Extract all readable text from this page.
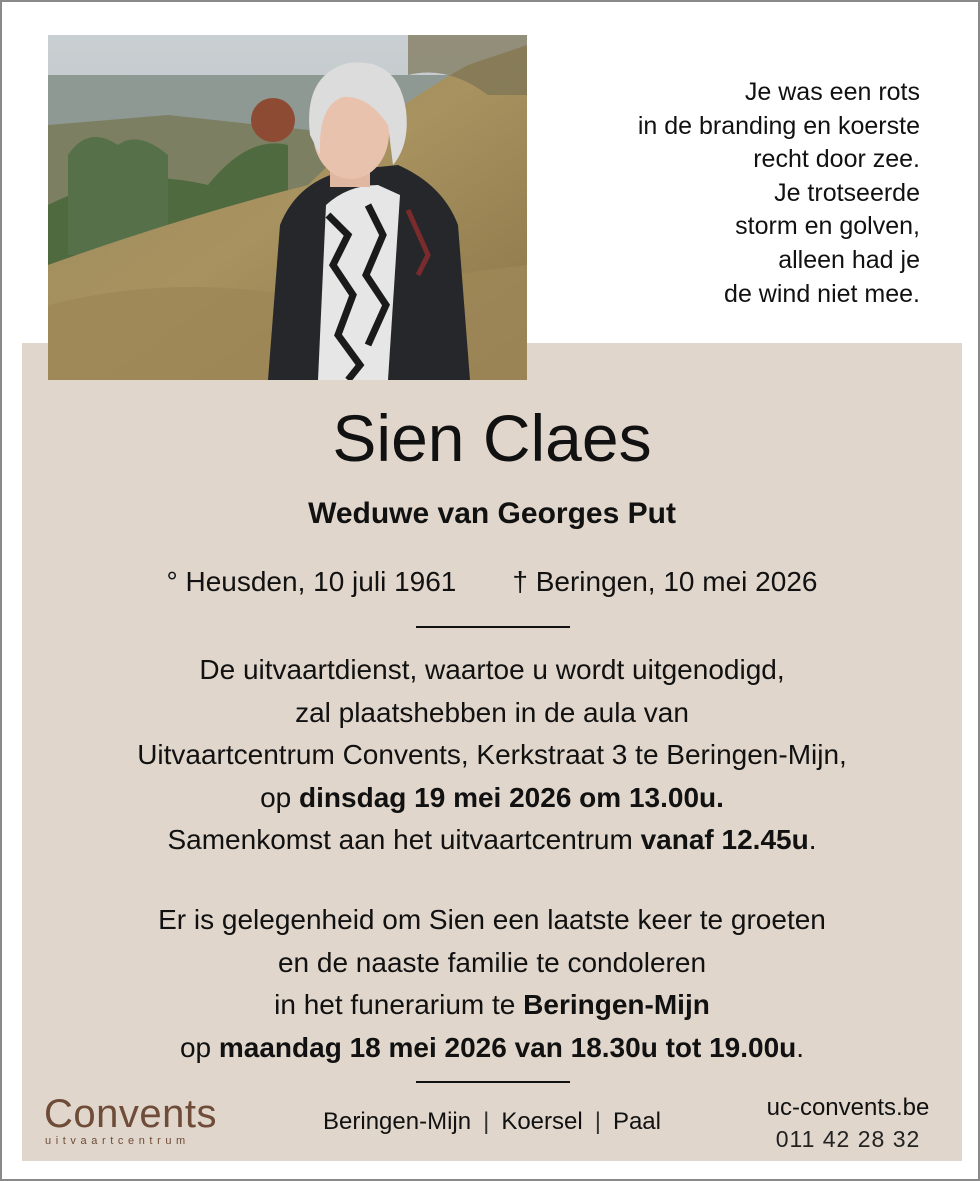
Je was een rots
in de branding en koerste
recht door zee.
Je trotseerde
storm en golven,
alleen had je
de wind niet mee.
Sien Claes
Weduwe van Georges Put
° Heusden, 10 juli 1961 † Beringen, 10 mei 2026
De uitvaartdienst, waartoe u wordt uitgenodigd,
zal plaatshebben in de aula van
Uitvaartcentrum Convents, Kerkstraat 3 te Beringen-Mijn,
op dinsdag 19 mei 2026 om 13.00u.
Samenkomst aan het uitvaartcentrum vanaf 12.45u.
Er is gelegenheid om Sien een laatste keer te groeten
en de naaste familie te condoleren
in het funerarium te Beringen-Mijn
op maandag 18 mei 2026 van 18.30u tot 19.00u.
Convents
uitvaartcentrum
Beringen-Mijn | Koersel | Paal
uc-convents.be
011 42 28 32
